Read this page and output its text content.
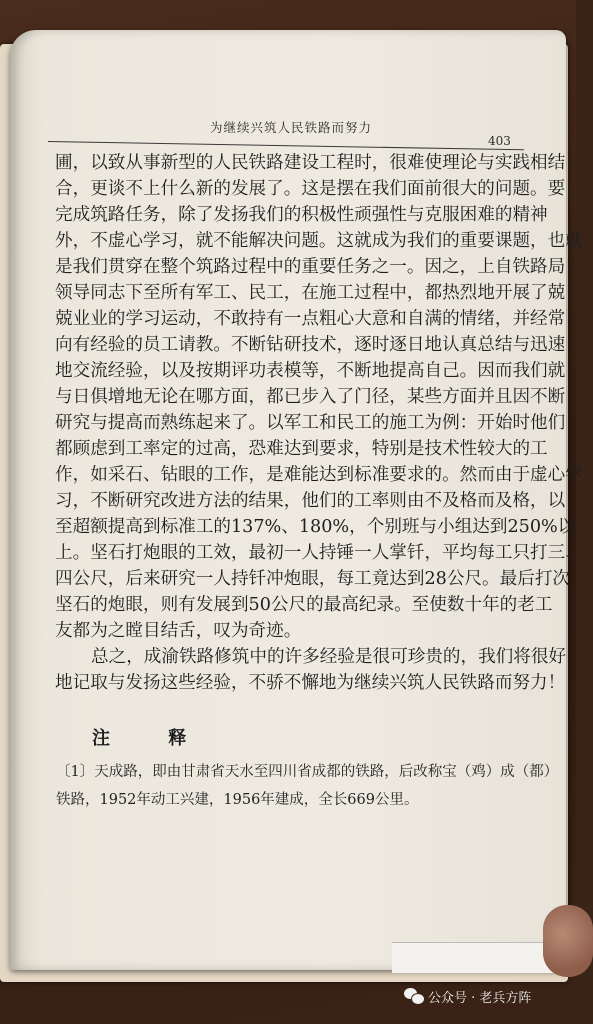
为继续兴筑人民铁路而努力
403
圃，以致从事新型的人民铁路建设工程时，很难使理论与实践相结
合，更谈不上什么新的发展了。这是摆在我们面前很大的问题。要
完成筑路任务，除了发扬我们的积极性顽强性与克服困难的精神
外，不虚心学习，就不能解决问题。这就成为我们的重要课题，也就
是我们贯穿在整个筑路过程中的重要任务之一。因之，上自铁路局
领导同志下至所有军工、民工，在施工过程中，都热烈地开展了兢
兢业业的学习运动，不敢持有一点粗心大意和自满的情绪，并经常
向有经验的员工请教。不断钻研技术，逐时逐日地认真总结与迅速
地交流经验，以及按期评功表模等，不断地提高自己。因而我们就
与日俱增地无论在哪方面，都已步入了门径，某些方面并且因不断
研究与提高而熟练起来了。以军工和民工的施工为例：开始时他们
都顾虑到工率定的过高，恐难达到要求，特别是技术性较大的工
作，如采石、钻眼的工作，是难能达到标准要求的。然而由于虚心学
习，不断研究改进方法的结果，他们的工率则由不及格而及格，以
至超额提高到标准工的137%、180%，个别班与小组达到250%以
上。坚石打炮眼的工效，最初一人持锤一人掌钎，平均每工只打三、
四公尺，后来研究一人持钎冲炮眼，每工竟达到28公尺。最后打次
坚石的炮眼，则有发展到50公尺的最高纪录。至使数十年的老工
友都为之瞠目结舌，叹为奇迹。
总之，成渝铁路修筑中的许多经验是很可珍贵的，我们将很好
地记取与发扬这些经验，不骄不懈地为继续兴筑人民铁路而努力！
注 释
〔1〕天成路，即由甘肃省天水至四川省成都的铁路，后改称宝（鸡）成（都）
铁路，1952年动工兴建，1956年建成，全长669公里。
公众号 · 老兵方阵
